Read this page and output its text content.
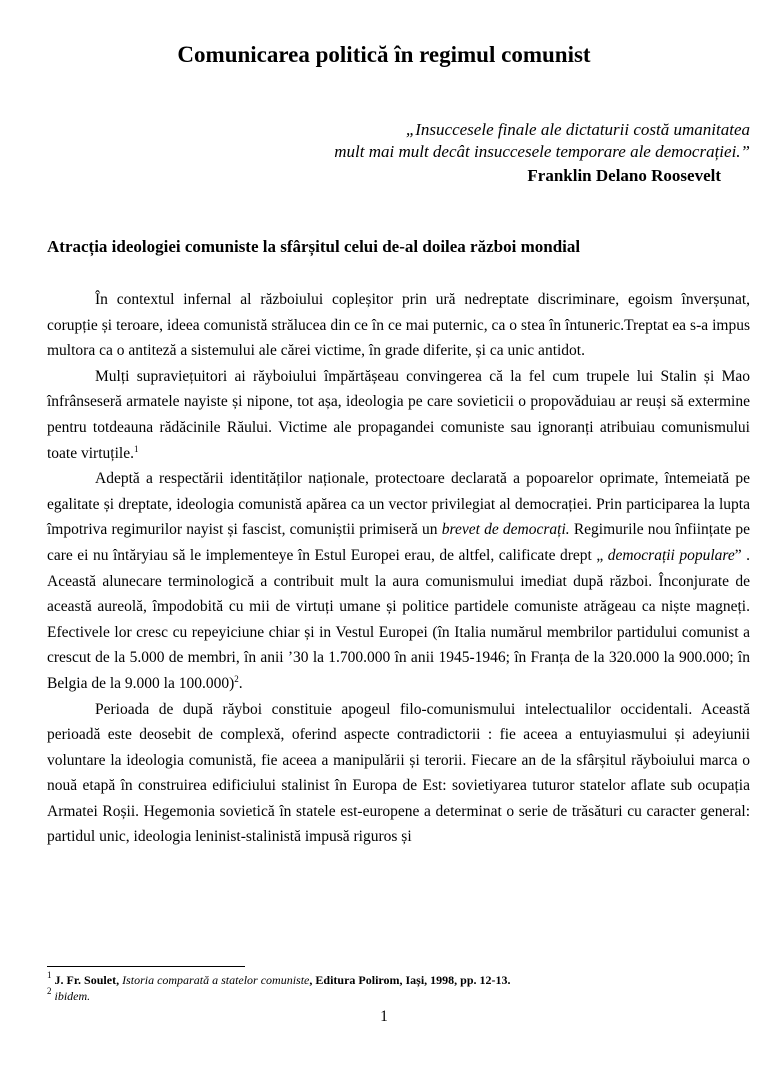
Comunicarea politică în regimul comunist
„Insuccesele finale ale dictaturii costă umanitatea
mult mai mult decât insuccesele temporare ale democrației.”
Franklin Delano Roosevelt
Atracția ideologiei comuniste la sfârșitul celui de-al doilea război mondial

În contextul infernal al războiului copleșitor prin ură nedreptate discriminare, egoism înverșunat, corupție și teroare, ideea comunistă strălucea din ce în ce mai puternic, ca o stea în întuneric.Treptat ea s-a impus multora ca o antiteză a sistemului ale cărei victime, în grade diferite, și ca unic antidot.

Mulți supraviețuitori ai răyboiului împărtășeau convingerea că la fel cum trupele lui Stalin și Mao înfrânseseră armatele nayiste și nipone, tot așa, ideologia pe care sovieticii o propovăduiau ar reuși să extermine pentru totdeauna rădăcinile Răului. Victime ale propagandei comuniste sau ignoranți atribuiau comunismului toate virtuțile.$^1$

Adeptă a respectării identităților naționale, protectoare declarată a popoarelor oprimate, întemeiată pe egalitate și dreptate, ideologia comunistă apărea ca un vector privilegiat al democrației. Prin participarea la lupta împotriva regimurilor nayist și fascist, comuniștii primiseră un brevet de democrați. Regimurile nou înființate pe care ei nu întăryiau să le implementeye în Estul Europei erau, de altfel, calificate drept „ democrații populare” . Această alunecare terminologică a contribuit mult la aura comunismului imediat după război. Înconjurate de această aureolă, împodobită cu mii de virtuți umane și politice partidele comuniste atrăgeau ca niște magneți. Efectivele lor cresc cu repeyiciune chiar și in Vestul Europei (în Italia numărul membrilor partidului comunist a crescut de la 5.000 de membri, în anii ’30 la 1.700.000 în anii 1945-1946; în Franța de la 320.000 la 900.000; în Belgia de la 9.000 la 100.000)$^2$.

Perioada de după răyboi constituie apogeul filo-comunismului intelectualilor occidentali. Această perioadă este deosebit de complexă, oferind aspecte contradictorii : fie aceea a entuyiasmului și adeyiunii voluntare la ideologia comunistă, fie aceea a manipulării și terorii. Fiecare an de la sfârșitul răyboiului marca o nouă etapă în construirea edificiului stalinist în Europa de Est: sovietiyarea tuturor statelor aflate sub ocupația Armatei Roșii. Hegemonia sovietică în statele est-europene a determinat o serie de trăsături cu caracter general: partidul unic, ideologia leninist-stalinistă impusă riguros și

$^1$ J. Fr. Soulet, Istoria comparată a statelor comuniste, Editura Polirom, Iași, 1998, pp. 12-13.
$^2$ ibidem.
1
